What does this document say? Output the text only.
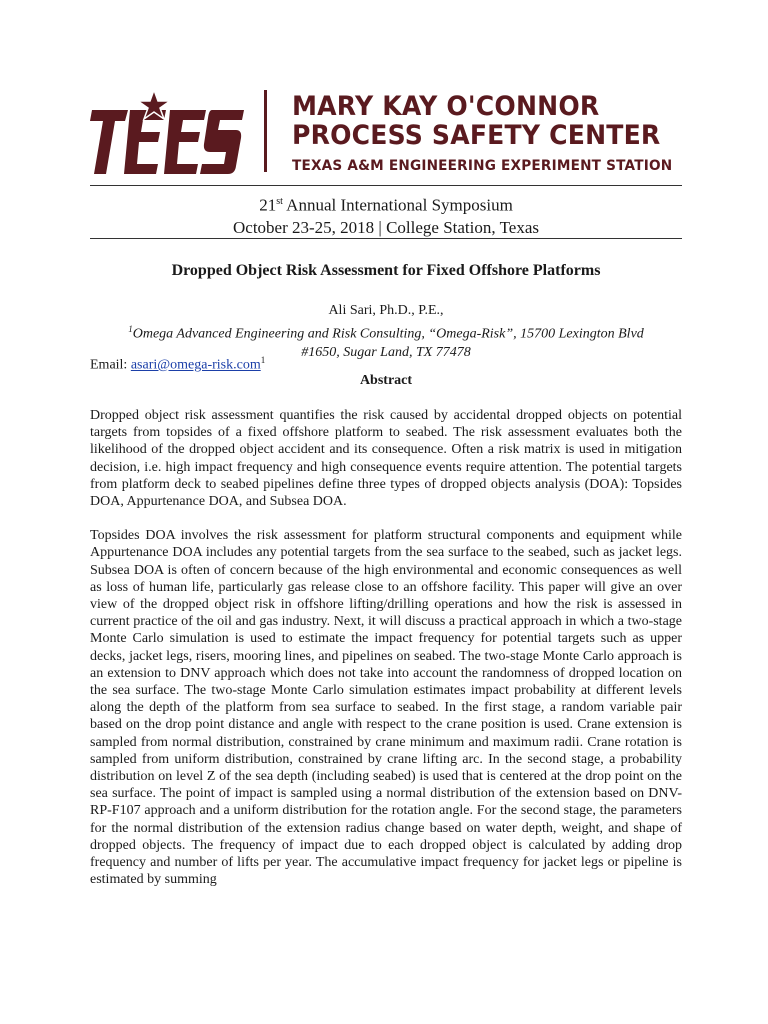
TEES
MARY KAY O'CONNOR
PROCESS SAFETY CENTER
TEXAS A&M ENGINEERING EXPERIMENT STATION
21st Annual International Symposium
October 23-25, 2018 | College Station, Texas
Dropped Object Risk Assessment for Fixed Offshore Platforms
Ali Sari, Ph.D., P.E.,
$^1$Omega Advanced Engineering and Risk Consulting, “Omega-Risk”, 15700 Lexington Blvd
#1650, Sugar Land, TX 77478
Email: asari@omega-risk.com$^1$
Abstract

Dropped object risk assessment quantifies the risk caused by accidental dropped objects on potential targets from topsides of a fixed offshore platform to seabed. The risk assessment evaluates both the likelihood of the dropped object accident and its consequence. Often a risk matrix is used in mitigation decision, i.e. high impact frequency and high consequence events require attention. The potential targets from platform deck to seabed pipelines define three types of dropped objects analysis (DOA): Topsides DOA, Appurtenance DOA, and Subsea DOA.

Topsides DOA involves the risk assessment for platform structural components and equipment while Appurtenance DOA includes any potential targets from the sea surface to the seabed, such as jacket legs. Subsea DOA is often of concern because of the high environmental and economic consequences as well as loss of human life, particularly gas release close to an offshore facility. This paper will give an over view of the dropped object risk in offshore lifting/drilling operations and how the risk is assessed in current practice of the oil and gas industry. Next, it will discuss a practical approach in which a two-stage Monte Carlo simulation is used to estimate the impact frequency for potential targets such as upper decks, jacket legs, risers, mooring lines, and pipelines on seabed. The two-stage Monte Carlo approach is an extension to DNV approach which does not take into account the randomness of dropped location on the sea surface. The two-stage Monte Carlo simulation estimates impact probability at different levels along the depth of the platform from sea surface to seabed. In the first stage, a random variable pair based on the drop point distance and angle with respect to the crane position is used. Crane extension is sampled from normal distribution, constrained by crane minimum and maximum radii. Crane rotation is sampled from uniform distribution, constrained by crane lifting arc. In the second stage, a probability distribution on level Z of the sea depth (including seabed) is used that is centered at the drop point on the sea surface. The point of impact is sampled using a normal distribution of the extension based on DNV-RP-F107 approach and a uniform distribution for the rotation angle. For the second stage, the parameters for the normal distribution of the extension radius change based on water depth, weight, and shape of dropped objects. The frequency of impact due to each dropped object is calculated by adding drop frequency and number of lifts per year. The accumulative impact frequency for jacket legs or pipeline is estimated by summing
